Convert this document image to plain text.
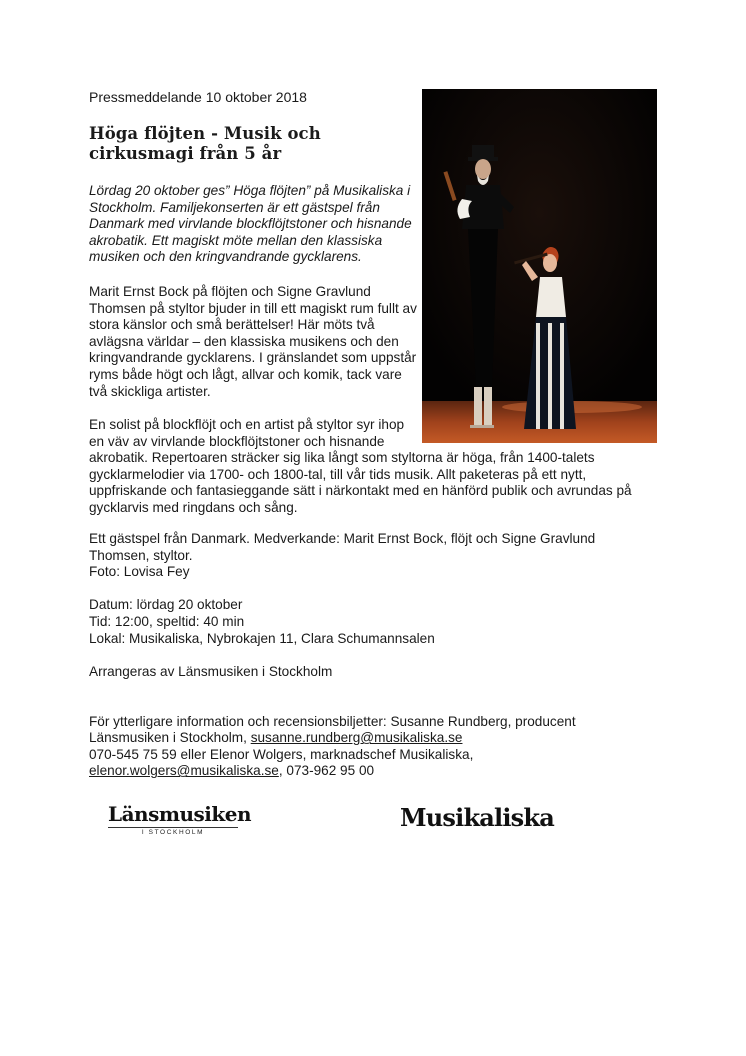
Pressmeddelande 10 oktober 2018
Höga flöjten - Musik och cirkusmagi från 5 år
Lördag 20 oktober ges” Höga flöjten” på Musikaliska i Stockholm. Familjekonserten är ett gästspel från Danmark med virvlande blockflöjtstoner och hisnande akrobatik. Ett magiskt möte mellan den klassiska musiken och den kringvandrande gycklarens.
Marit Ernst Bock på flöjten och Signe Gravlund Thomsen på styltor bjuder in till ett magiskt rum fullt av stora känslor och små berättelser! Här möts två avlägsna världar – den klassiska musikens och den kringvandrande gycklarens. I gränslandet som uppstår ryms både högt och lågt, allvar och komik, tack vare två skickliga artister.
En solist på blockflöjt och en artist på styltor syr ihop
en väv av virvlande blockflöjtstoner och hisnande
akrobatik. Repertoaren sträcker sig lika långt som styltorna är höga, från 1400-talets
gycklarmelodier via 1700- och 1800-tal, till vår tids musik. Allt paketeras på ett nytt,
uppfriskande och fantasieggande sätt i närkontakt med en hänförd publik och avrundas på
gycklarvis med ringdans och sång.
Ett gästspel från Danmark. Medverkande: Marit Ernst Bock, flöjt och Signe Gravlund
Thomsen, styltor.
Foto: Lovisa Fey
Datum: lördag 20 oktober
Tid: 12:00, speltid: 40 min
Lokal: Musikaliska, Nybrokajen 11, Clara Schumannsalen
Arrangeras av Länsmusiken i Stockholm
För ytterligare information och recensionsbiljetter: Susanne Rundberg, producent
Länsmusiken i Stockholm, susanne.rundberg@musikaliska.se
070-545 75 59 eller Elenor Wolgers, marknadschef Musikaliska,
elenor.wolgers@musikaliska.se, 073-962 95 00
Länsmusiken
I STOCKHOLM
Musikaliska
